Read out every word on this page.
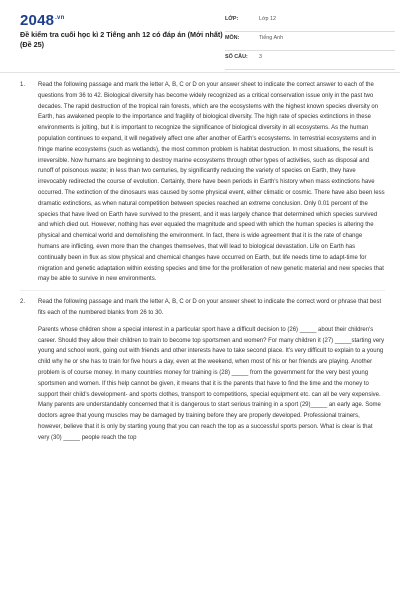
$2048^{.vn}$
Đề kiểm tra cuối học kì 2 Tiếng anh 12 có đáp án (Mới nhất) (Đề 25)
LỚP:	Lớp 12
MÔN:	Tiếng Anh
SỐ CÂU:	3
1.	Read the following passage and mark the letter A, B, C or D on your answer sheet to indicate the correct answer to each of the questions from 36 to 42. Biological diversity has become widely recognized as a critical conservation issue only in the past two decades. The rapid destruction of the tropical rain forests, which are the ecosystems with the highest known species diversity on Earth, has awakened people to the importance and fragility of biological diversity. The high rate of species extinctions in these environments is jolting, but it is important to recognize the significance of biological diversity in all ecosystems. As the human population continues to expand, it will negatively affect one after another of Earth's ecosystems. In terrestrial ecosystems and in fringe marine ecosystems (such as wetlands), the most common problem is habitat destruction. In most situations, the result is irreversible. Now humans are beginning to destroy marine ecosystems through other types of activities, such as disposal and runoff of poisonous waste; in less than two centuries, by significantly reducing the variety of species on Earth, they have irrevocably redirected the course of evolution. Certainly, there have been periods in Earth's history when mass extinctions have occurred. The extinction of the dinosaurs was caused by some physical event, either climatic or cosmic. There have also been less dramatic extinctions, as when natural competition between species reached an extreme conclusion. Only 0.01 percent of the species that have lived on Earth have survived to the present, and it was largely chance that determined which species survived and which died out. However, nothing has ever equaled the magnitude and speed with which the human species is altering the physical and chemical world and demolishing the environment. In fact, there is wide agreement that it is the rate of change humans are inflicting, even more than the changes themselves, that will lead to biological devastation. Life on Earth has continually been in flux as slow physical and chemical changes have occurred on Earth, but life needs time to adapt-time for migration and genetic adaptation within existing species and time for the proliferation of new genetic material and new species that may be able to survive in new environments.

2.	Read the following passage and mark the letter A, B, C or D on your answer sheet to indicate the correct word or phrase that best fits each of the numbered blanks from 26 to 30.

Parents whose children show a special interest in a particular sport have a difficult decision to (26) _____ about their children's career. Should they allow their children to train to become top sportsmen and women? For many children it (27) _____starting very young and school work, going out with friends and other interests have to take second place. It's very difficult to explain to a young child why he or she has to train for five hours a day, even at the weekend, when most of his or her friends are playing. Another problem is of course money. In many countries money for training is (28) _____ from the government for the very best young sportsmen and women. If this help cannot be given, it means that it is the parents that have to find the time and the money to support their child's development- and sports clothes, transport to competitions, special equipment etc. can all be very expensive. Many parents are understandably concerned that it is dangerous to start serious training in a sport (29)_____ an early age. Some doctors agree that young muscles may be damaged by training before they are properly developed. Professional trainers, however, believe that it is only by starting young that you can reach the top as a successful sports person. What is clear is that very (30) _____ people reach the top
